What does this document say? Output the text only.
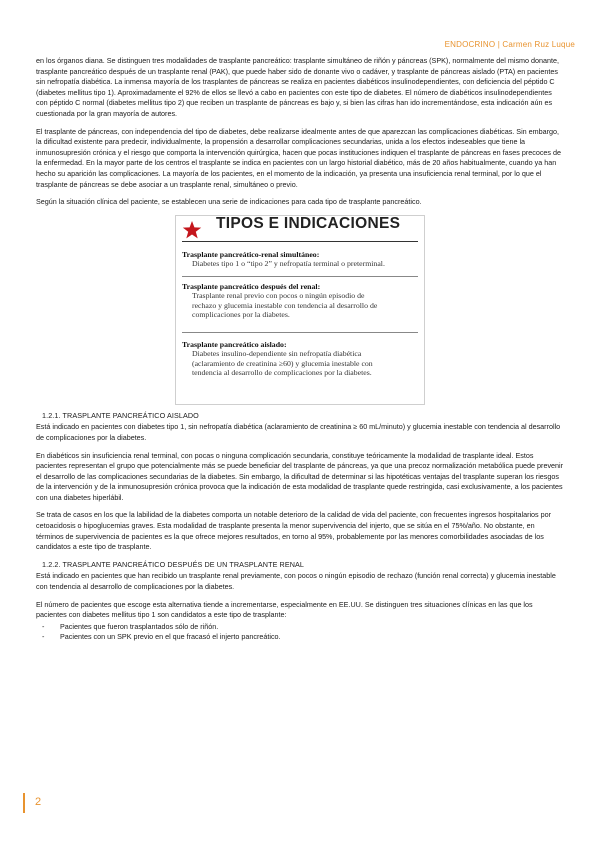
ENDOCRINO | Carmen Ruz Luque

en los órganos diana. Se distinguen tres modalidades de trasplante pancreático: trasplante simultáneo de riñón y páncreas (SPK), normalmente del mismo donante, trasplante pancreático después de un trasplante renal (PAK), que puede haber sido de donante vivo o cadáver, y trasplante de páncreas aislado (PTA) en pacientes sin nefropatía diabética. La inmensa mayoría de los trasplantes de páncreas se realiza en pacientes diabéticos insulinodependientes, con deficiencia del péptido C (diabetes mellitus tipo 1). Aproximadamente el 92% de ellos se llevó a cabo en pacientes con este tipo de diabetes. El número de diabéticos insulinodependientes con péptido C normal (diabetes mellitus tipo 2) que reciben un trasplante de páncreas es bajo y, si bien las cifras han ido incrementándose, esta indicación aún es cuestionada por la gran mayoría de autores.

El trasplante de páncreas, con independencia del tipo de diabetes, debe realizarse idealmente antes de que aparezcan las complicaciones diabéticas. Sin embargo, la dificultad existente para predecir, individualmente, la propensión a desarrollar complicaciones secundarias, unida a los efectos indeseables que tiene la inmunosupresión crónica y el riesgo que comporta la intervención quirúrgica, hacen que pocas instituciones indiquen el trasplante de páncreas en fases precoces de la enfermedad. En la mayor parte de los centros el trasplante se indica en pacientes con un largo historial diabético, más de 20 años habitualmente, cuando ya han hecho su aparición las complicaciones. La mayoría de los pacientes, en el momento de la indicación, ya presenta una insuficiencia renal terminal, por lo que el trasplante de páncreas se debe asociar a un trasplante renal, simultáneo o previo.

Según la situación clínica del paciente, se establecen una serie de indicaciones para cada tipo de trasplante pancreático.

TIPOS E INDICACIONES
Trasplante pancreático-renal simultáneo:
Diabetes tipo 1 o “tipo 2” y nefropatía terminal o preterminal.
Trasplante pancreático después del renal:
Trasplante renal previo con pocos o ningún episodio de
rechazo y glucemia inestable con tendencia al desarrollo de
complicaciones por la diabetes.
Trasplante pancreático aislado:
Diabetes insulino-dependiente sin nefropatía diabética
(aclaramiento de creatinina ≥60) y glucemia inestable con
tendencia al desarrollo de complicaciones por la diabetes.
1.2.1. TRASPLANTE PANCREÁTICO AISLADO

Está indicado en pacientes con diabetes tipo 1, sin nefropatía diabética (aclaramiento de creatinina ≥ 60 mL/minuto) y glucemia inestable con tendencia al desarrollo de complicaciones por la diabetes.

En diabéticos sin insuficiencia renal terminal, con pocas o ninguna complicación secundaria, constituye teóricamente la modalidad de trasplante ideal. Estos pacientes representan el grupo que potencialmente más se puede beneficiar del trasplante de páncreas, ya que una precoz normalización metabólica puede prevenir el desarrollo de las complicaciones secundarias de la diabetes. Sin embargo, la dificultad de determinar si las hipotéticas ventajas del trasplante superan los riesgos de la intervención y de la inmunosupresión crónica provoca que la indicación de esta modalidad de trasplante quede restringida, casi exclusivamente, a los pacientes con una diabetes hiperlábil.

Se trata de casos en los que la labilidad de la diabetes comporta un notable deterioro de la calidad de vida del paciente, con frecuentes ingresos hospitalarios por cetoacidosis o hipoglucemias graves. Esta modalidad de trasplante presenta la menor supervivencia del injerto, que se sitúa en el 75%/año. No obstante, en términos de supervivencia de pacientes es la que ofrece mejores resultados, en torno al 95%, probablemente por las menores comorbilidades asociadas de los candidatos a este tipo de trasplante.

1.2.2. TRASPLANTE PANCREÁTICO DESPUÉS DE UN TRASPLANTE RENAL

Está indicado en pacientes que han recibido un trasplante renal previamente, con pocos o ningún episodio de rechazo (función renal correcta) y glucemia inestable con tendencia al desarrollo de complicaciones por la diabetes.

El número de pacientes que escoge esta alternativa tiende a incrementarse, especialmente en EE.UU. Se distinguen tres situaciones clínicas en las que los pacientes con diabetes mellitus tipo 1 son candidatos a este tipo de trasplante:

- Pacientes que fueron trasplantados sólo de riñón.
- Pacientes con un SPK previo en el que fracasó el injerto pancreático.
2
